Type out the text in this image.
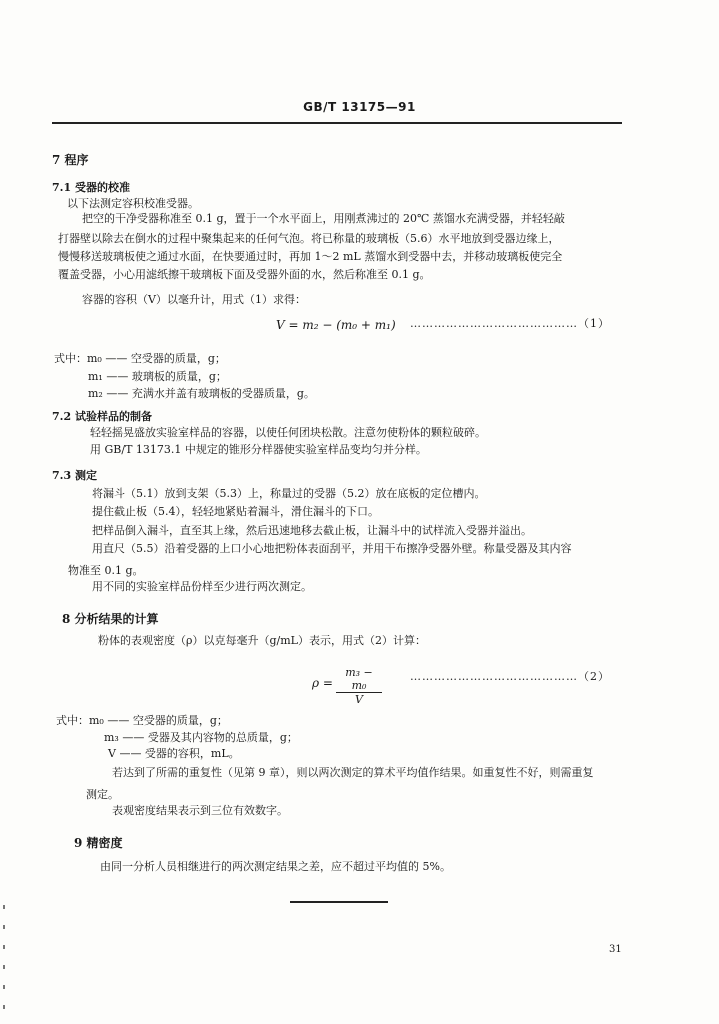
GB/T 13175—91
7 程序
7.1 受器的校准
以下法测定容积校准受器。
把空的干净受器称准至 0.1 g，置于一个水平面上，用刚煮沸过的 20℃ 蒸馏水充满受器，并轻轻敲
打器壁以除去在倒水的过程中聚集起来的任何气泡。将已称量的玻璃板（5.6）水平地放到受器边缘上，
慢慢移送玻璃板使之通过水面，在快要通过时，再加 1～2 mL 蒸馏水到受器中去，并移动玻璃板使完全
覆盖受器，小心用滤纸擦干玻璃板下面及受器外面的水，然后称准至 0.1 g。
容器的容积（V）以毫升计，用式（1）求得：
V = m₂ − (m₀ + m₁) ……………………………………（1）
式中：m₀ —— 空受器的质量，g；
m₁ —— 玻璃板的质量，g；
m₂ —— 充满水并盖有玻璃板的受器质量，g。
7.2 试验样品的制备
轻轻摇晃盛放实验室样品的容器，以使任何团块松散。注意勿使粉体的颗粒破碎。
用 GB/T 13173.1 中规定的锥形分样器使实验室样品变均匀并分样。
7.3 测定
将漏斗（5.1）放到支架（5.3）上，称量过的受器（5.2）放在底板的定位槽内。
提住截止板（5.4），轻轻地紧贴着漏斗，滑住漏斗的下口。
把样品倒入漏斗，直至其上缘，然后迅速地移去截止板，让漏斗中的试样流入受器并溢出。
用直尺（5.5）沿着受器的上口小心地把粉体表面刮平，并用干布擦净受器外壁。称量受器及其内容
物准至 0.1 g。
用不同的实验室样品份样至少进行两次测定。
8 分析结果的计算
粉体的表观密度（ρ）以克每毫升（g/mL）表示，用式（2）计算：
$\rho = \frac{\text{m₃ − m₀}}{V}$	……………………………………（2）
式中：m₀ —— 空受器的质量，g；
m₃ —— 受器及其内容物的总质量，g；
V —— 受器的容积，mL。
若达到了所需的重复性（见第 9 章），则以两次测定的算术平均值作结果。如重复性不好，则需重复
测定。
表观密度结果表示到三位有效数字。
9 精密度
由同一分析人员相继进行的两次测定结果之差，应不超过平均值的 5%。
31
